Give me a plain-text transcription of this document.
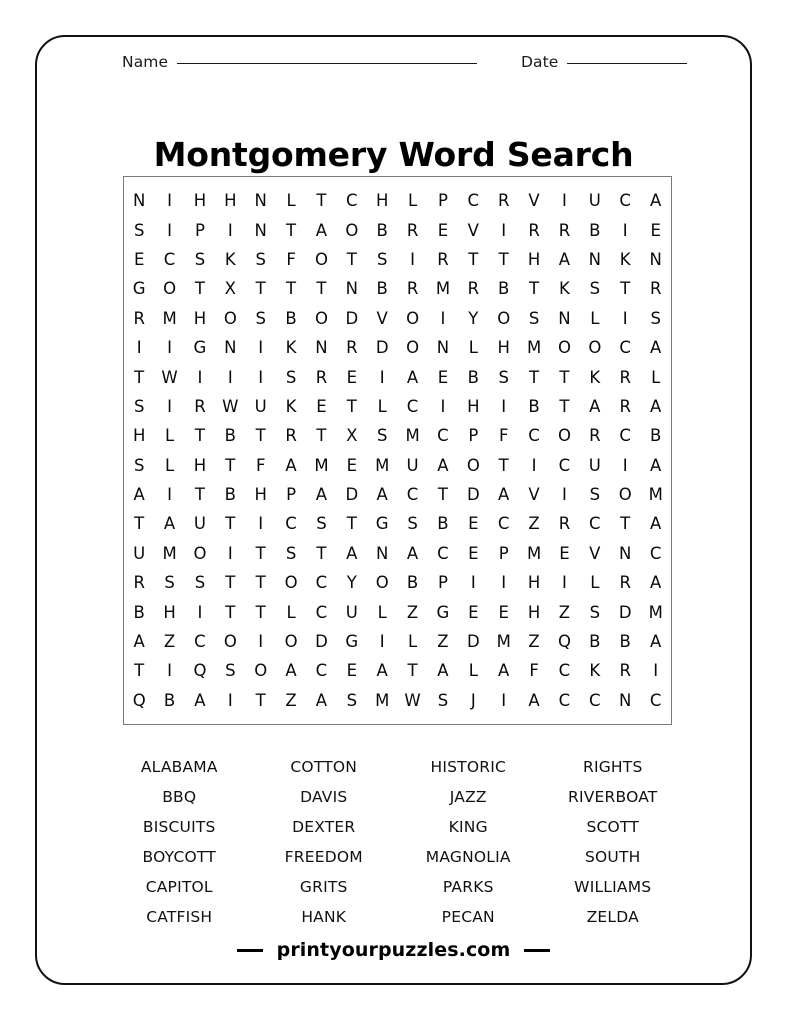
Name	Date
Montgomery Word Search
N	I	H	H	N	L	T	C	H	L	P	C	R	V	I	U	C	A
S	I	P	I	N	T	A	O	B	R	E	V	I	R	R	B	I	E
E	C	S	K	S	F	O	T	S	I	R	T	T	H	A	N	K	N
G	O	T	X	T	T	T	N	B	R	M	R	B	T	K	S	T	R
R	M	H	O	S	B	O	D	V	O	I	Y	O	S	N	L	I	S
I	I	G	N	I	K	N	R	D	O	N	L	H	M	O	O	C	A
T	W	I	I	I	S	R	E	I	A	E	B	S	T	T	K	R	L
S	I	R	W	U	K	E	T	L	C	I	H	I	B	T	A	R	A
H	L	T	B	T	R	T	X	S	M	C	P	F	C	O	R	C	B
S	L	H	T	F	A	M	E	M	U	A	O	T	I	C	U	I	A
A	I	T	B	H	P	A	D	A	C	T	D	A	V	I	S	O	M
T	A	U	T	I	C	S	T	G	S	B	E	C	Z	R	C	T	A
U	M	O	I	T	S	T	A	N	A	C	E	P	M	E	V	N	C
R	S	S	T	T	O	C	Y	O	B	P	I	I	H	I	L	R	A
B	H	I	T	T	L	C	U	L	Z	G	E	E	H	Z	S	D	M
A	Z	C	O	I	O	D	G	I	L	Z	D	M	Z	Q	B	B	A
T	I	Q	S	O	A	C	E	A	T	A	L	A	F	C	K	R	I
Q	B	A	I	T	Z	A	S	M	W	S	J	I	A	C	C	N	C
ALABAMA
BBQ
BISCUITS
BOYCOTT
CAPITOL
CATFISH
COTTON
DAVIS
DEXTER
FREEDOM
GRITS
HANK
HISTORIC
JAZZ
KING
MAGNOLIA
PARKS
PECAN
RIGHTS
RIVERBOAT
SCOTT
SOUTH
WILLIAMS
ZELDA
printyourpuzzles.com
